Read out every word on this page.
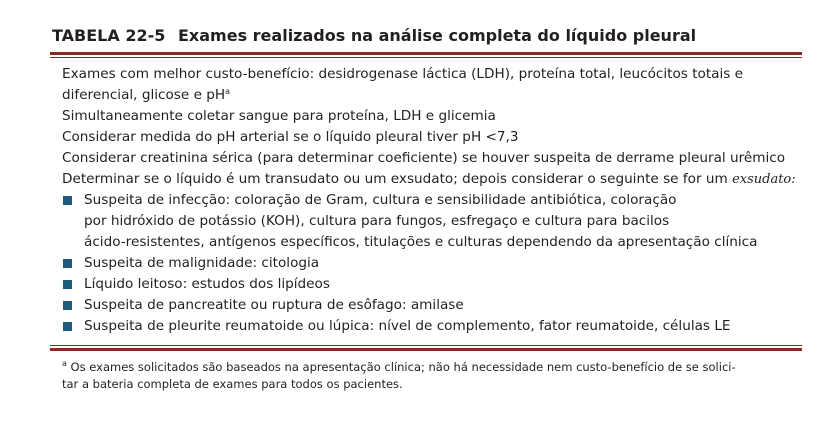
TABELA 22-5 Exames realizados na análise completa do líquido pleural
Exames com melhor custo-benefício: desidrogenase láctica (LDH), proteína total, leucócitos totais e
diferencial, glicose e $pH^a$
Simultaneamente coletar sangue para proteína, LDH e glicemia
Considerar medida do pH arterial se o líquido pleural tiver pH <7,3
Considerar creatinina sérica (para determinar coeficiente) se houver suspeita de derrame pleural urêmico
Determinar se o líquido é um transudato ou um exsudato; depois considerar o seguinte se for um exsudato:
Suspeita de infecção: coloração de Gram, cultura e sensibilidade antibiótica, coloração
por hidróxido de potássio (KOH), cultura para fungos, esfregaço e cultura para bacilos
ácido-resistentes, antígenos específicos, titulações e culturas dependendo da apresentação clínica
Suspeita de malignidade: citologia
Líquido leitoso: estudos dos lipídeos
Suspeita de pancreatite ou ruptura de esôfago: amilase
Suspeita de pleurite reumatoide ou lúpica: nível de complemento, fator reumatoide, células LE
$^a$ Os exames solicitados são baseados na apresentação clínica; não há necessidade nem custo-benefício de se solici-
tar a bateria completa de exames para todos os pacientes.
